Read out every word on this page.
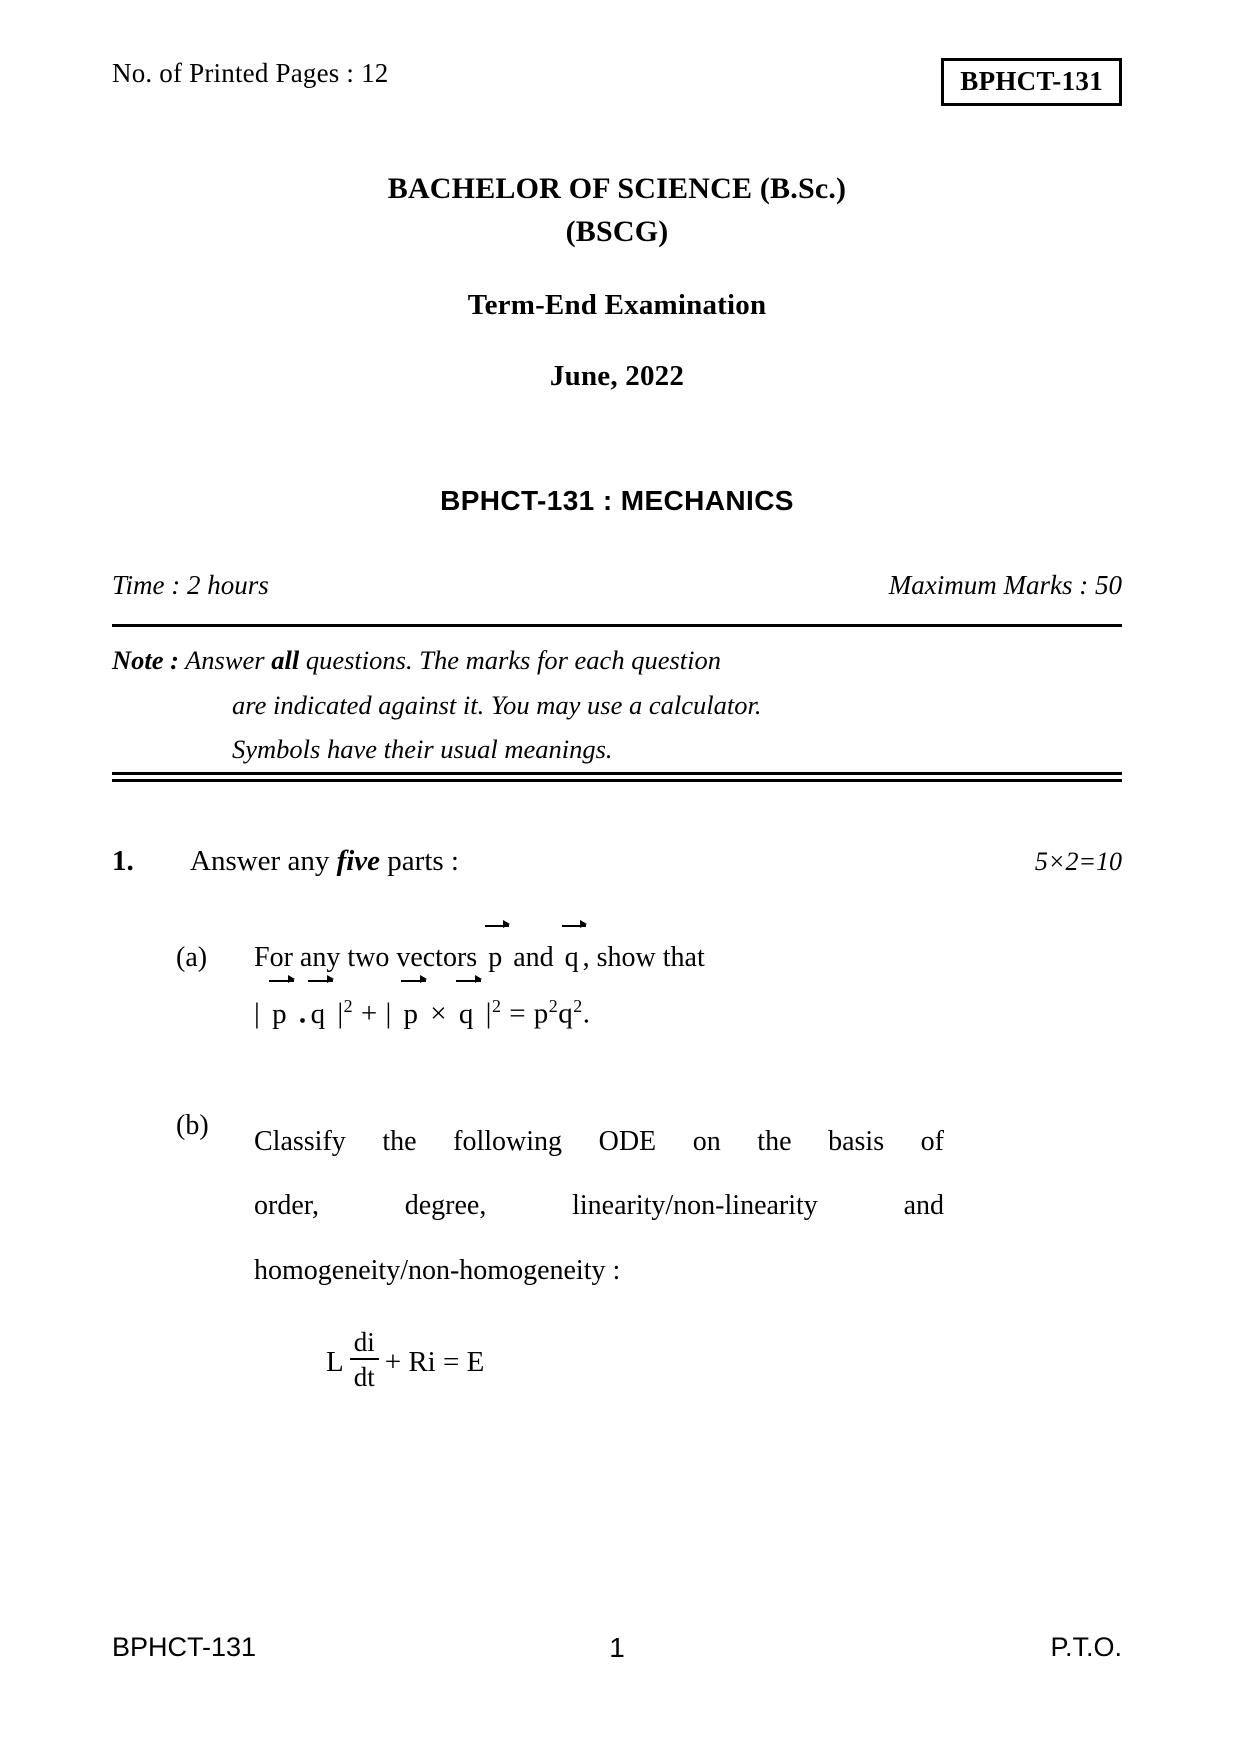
No. of Printed Pages : 12	BPHCT-131
BACHELOR OF SCIENCE (B.Sc.)
(BSCG)
Term-End Examination
June, 2022
BPHCT-131 : MECHANICS
Time : 2 hours	Maximum Marks : 50
Note : Answer all questions. The marks for each question
are indicated against it. You may use a calculator.
Symbols have their usual meanings.
1.	Answer any five parts :	5×2=10
(a)	For any two vectors p and q , show that
| p . q $|^2$ + | p × q $|^2 = p^2q^2$.
(b)
Classify the following ODE on the basis of
order, degree, linearity/non-linearity and
homogeneity/non-homogeneity :
L $\frac{di}{dt} + Ri = E$
BPHCT-131	1	P.T.O.
